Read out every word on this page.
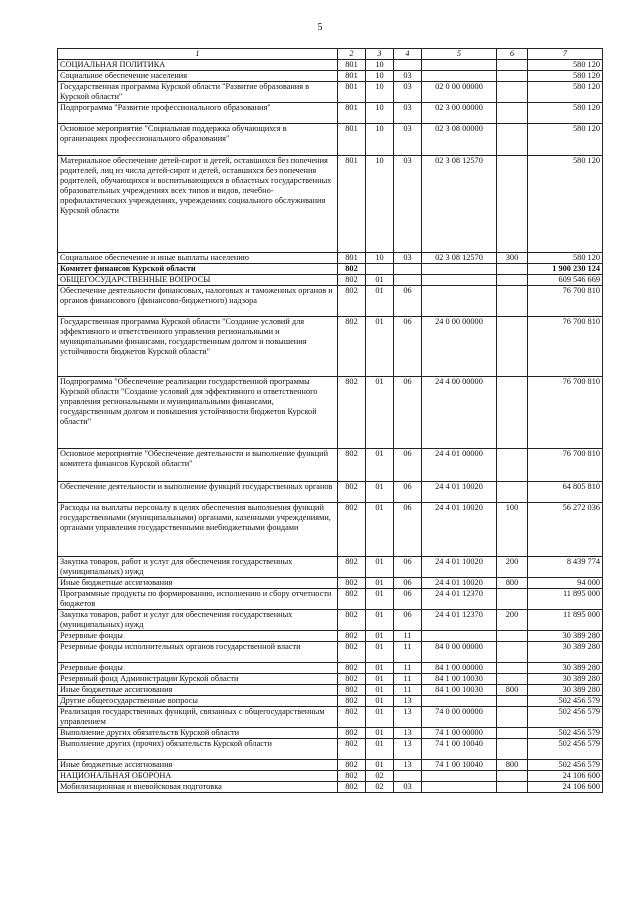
5
1	2	3	4	5	6	7
СОЦИАЛЬНАЯ ПОЛИТИКА	801	10				580 120
Социальное обеспечение населения	801	10	03			580 120
Государственная программа Курской области "Развитие образования в Курской области"	801	10	03	02 0 00 00000		580 120
Подпрограмма "Развитие профессионального образования"	801	10	03	02 3 00 00000		580 120
Основное мероприятие "Социальная поддержка обучающихся в организациях профессионального образования"	801	10	03	02 3 08 00000		580 120
Материальное обеспечение детей-сирот и детей, оставшихся без попечения родителей, лиц из числа детей-сирот и детей, оставшихся без попечения родителей, обучающихся и воспитывающихся в областных государственных образовательных учреждениях всех типов и видов, лечебно-профилактических учреждениях, учреждениях социального обслуживания Курской области	801	10	03	02 3 08 12570		580 120
Социальное обеспечение и иные выплаты населению	801	10	03	02 3 08 12570	300	580 120
Комитет финансов Курской области	802					1 900 230 124
ОБЩЕГОСУДАРСТВЕННЫЕ ВОПРОСЫ	802	01				609 546 669
Обеспечение деятельности финансовых, налоговых и таможенных органов и органов финансового (финансово-бюджетного) надзора	802	01	06			76 700 810
Государственная программа Курской области "Создание условий для эффективного и ответственного управления региональными и муниципальными финансами, государственным долгом и повышения устойчивости бюджетов Курской области"	802	01	06	24 0 00 00000		76 700 810
Подпрограмма "Обеспечение реализации государственной программы Курской области "Создание условий для эффективного и ответственного управления региональными и муниципальными финансами, государственным долгом и повышения устойчивости бюджетов Курской области"	802	01	06	24 4 00 00000		76 700 810
Основное мероприятие "Обеспечение деятельности и выполнение функций комитета финансов Курской области"	802	01	06	24 4 01 00000		76 700 810
Обеспечение деятельности и выполнение функций государственных органов	802	01	06	24 4 01 10020		64 805 810
Расходы на выплаты персоналу в целях обеспечения выполнения функций государственными (муниципальными) органами, казенными учреждениями, органами управления государственными внебюджетными фондами	802	01	06	24 4 01 10020	100	56 272 036
Закупка товаров, работ и услуг для обеспечения государственных (муниципальных) нужд	802	01	06	24 4 01 10020	200	8 439 774
Иные бюджетные ассигнования	802	01	06	24 4 01 10020	800	94 000
Программные продукты по формированию, исполнению и сбору отчетности бюджетов	802	01	06	24 4 01 12370		11 895 000
Закупка товаров, работ и услуг для обеспечения государственных (муниципальных) нужд	802	01	06	24 4 01 12370	200	11 895 000
Резервные фонды	802	01	11			30 389 280
Резервные фонды исполнительных органов государственной власти	802	01	11	84 0 00 00000		30 389 280
Резервные фонды	802	01	11	84 1 00 00000		30 389 280
Резервный фонд Администрации Курской области	802	01	11	84 1 00 10030		30 389 280
Иные бюджетные ассигнования	802	01	11	84 1 00 10030	800	30 389 280
Другие общегосударственные вопросы	802	01	13			502 456 579
Реализация государственных функций, связанных с общегосударственным управлением	802	01	13	74 0 00 00000		502 456 579
Выполнение других обязательств Курской области	802	01	13	74 1 00 00000		502 456 579
Выполнение других (прочих) обязательств Курской области	802	01	13	74 1 00 10040		502 456 579
Иные бюджетные ассигнования	802	01	13	74 1 00 10040	800	502 456 579
НАЦИОНАЛЬНАЯ ОБОРОНА	802	02				24 106 600
Мобилизационная и вневойсковая подготовка	802	02	03			24 106 600
